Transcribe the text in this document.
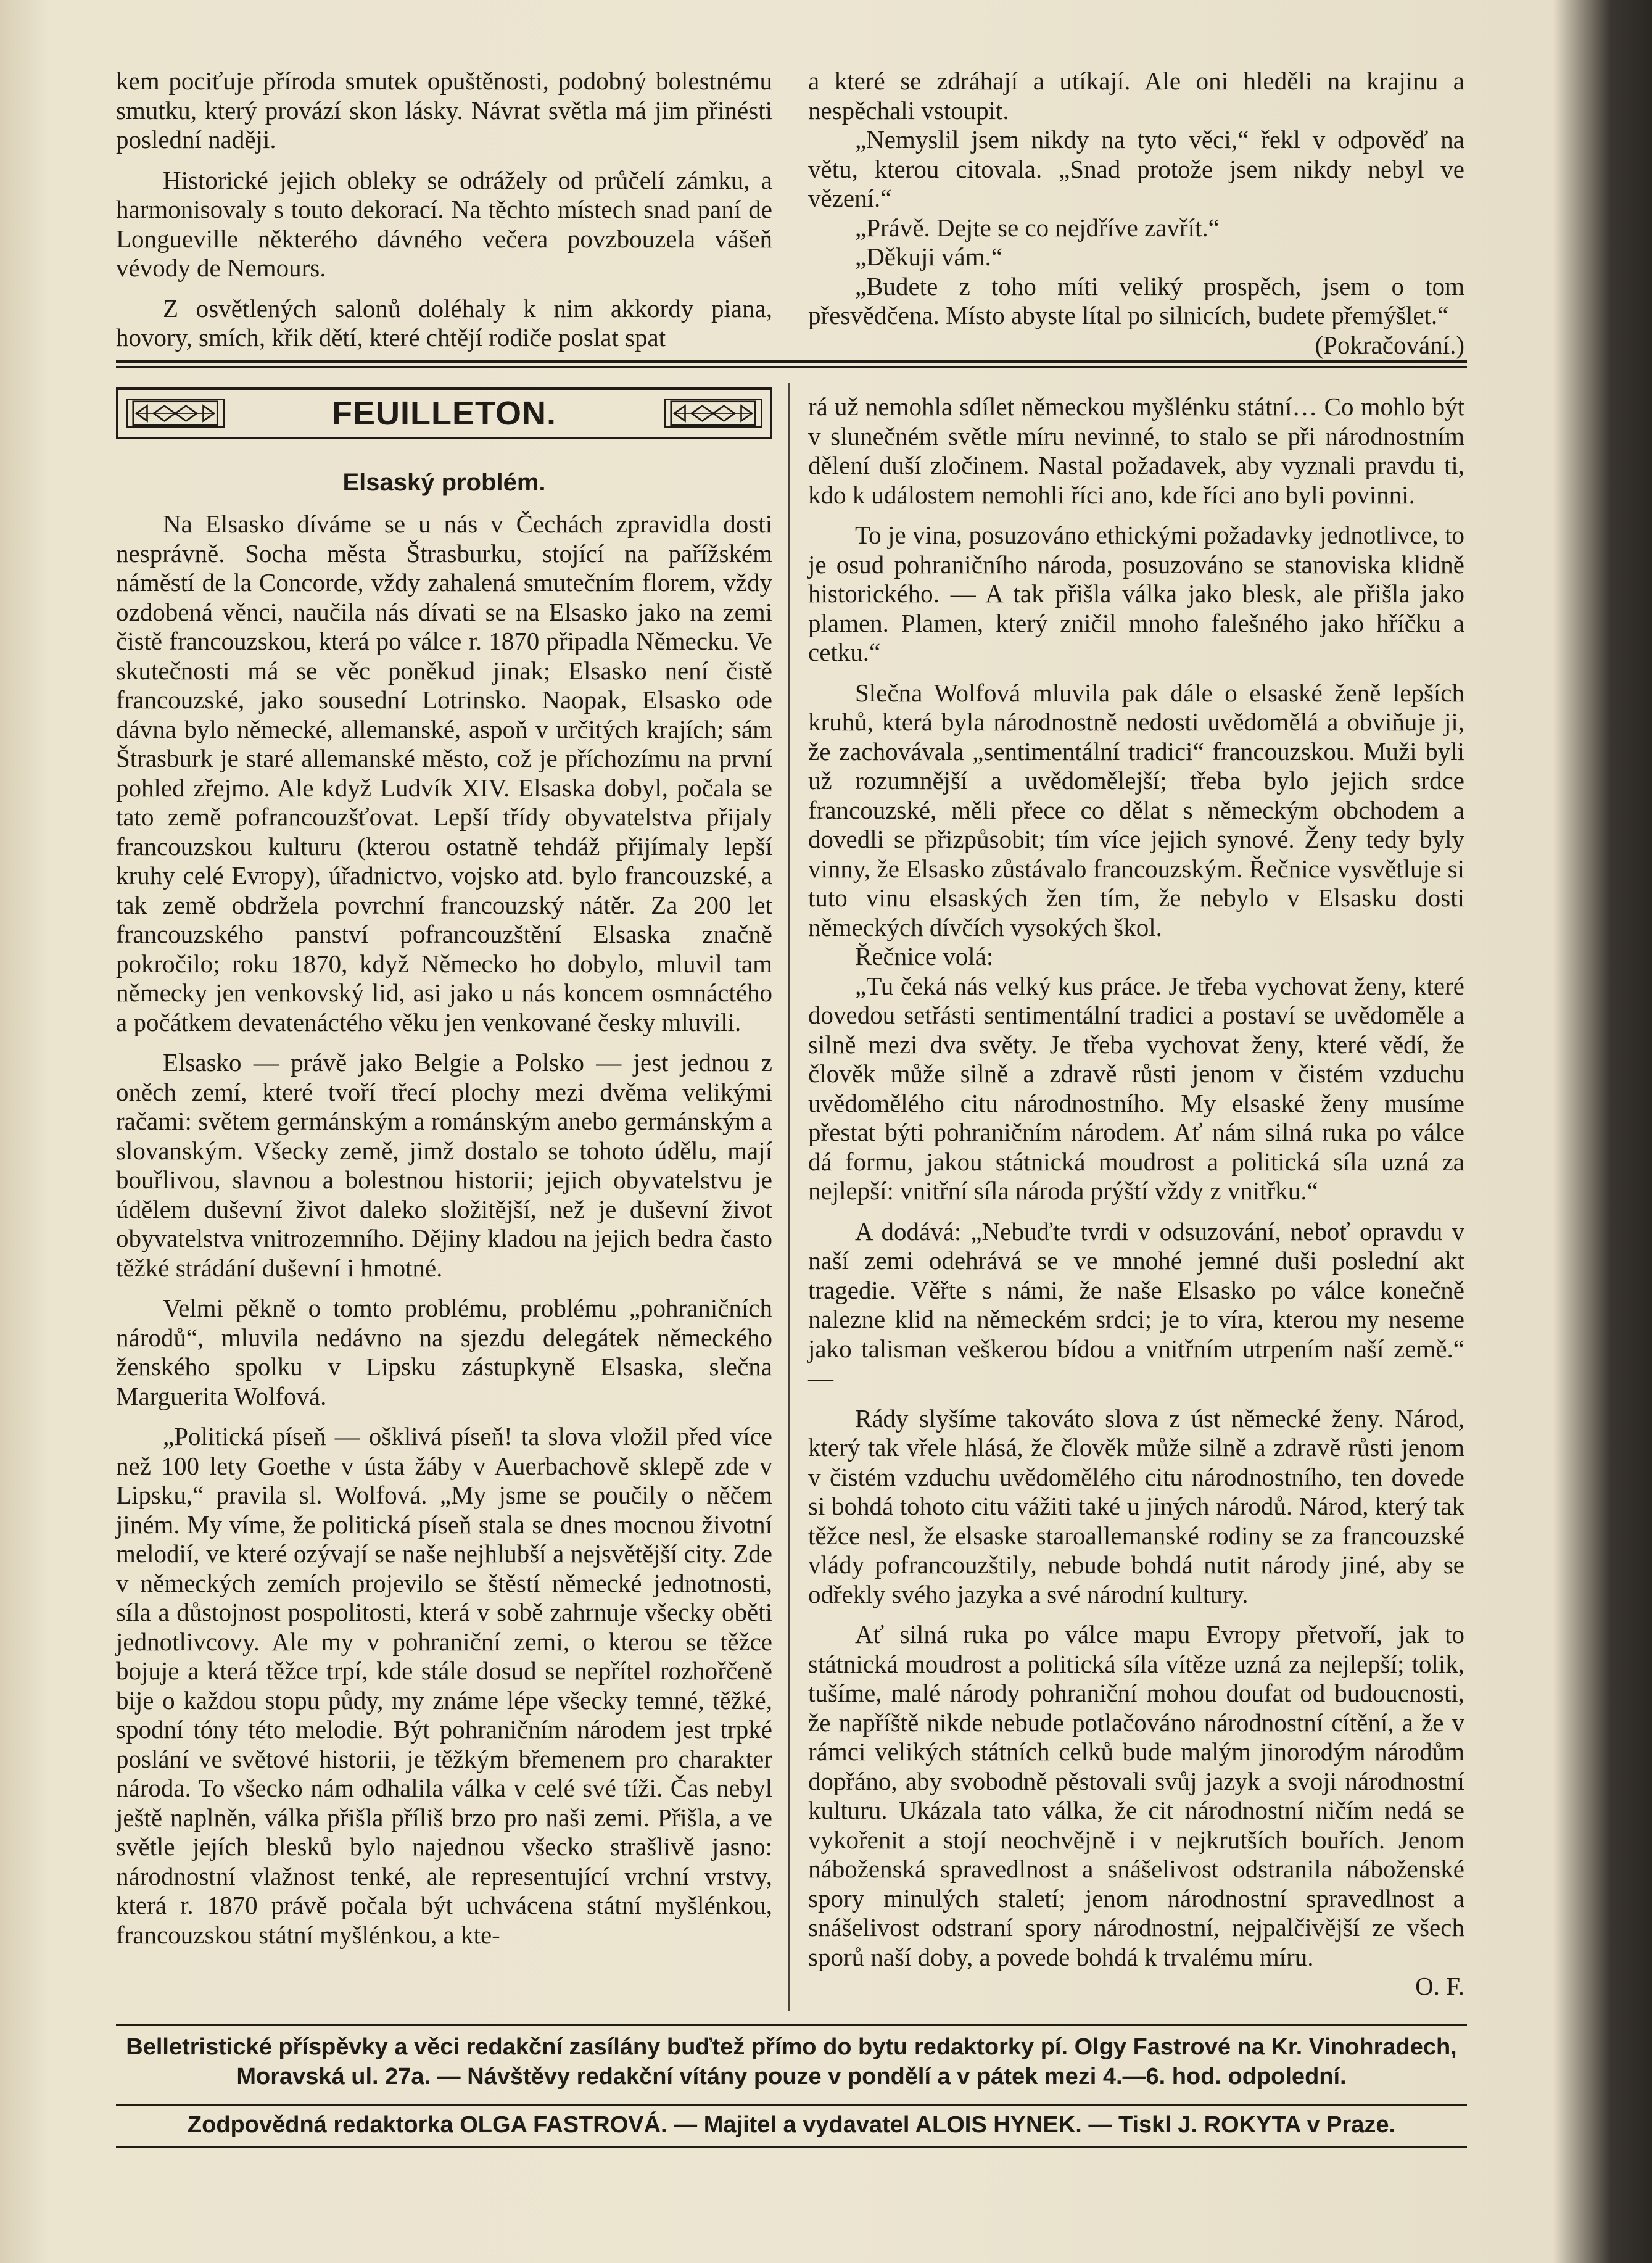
kem pociťuje příroda smutek opuštěnosti, podobný bolestnému smutku, který provází skon lásky. Návrat světla má jim přinésti poslední naději.

Historické jejich obleky se odrážely od průčelí zámku, a harmonisovaly s touto dekorací. Na těchto místech snad paní de Longueville některého dávného večera povzbouzela vášeň vévody de Nemours.

Z osvětlených salonů doléhaly k nim akkordy piana, hovory, smích, křik dětí, které chtějí rodiče poslat spat

a které se zdráhají a utíkají. Ale oni hleděli na krajinu a nespěchali vstoupit.

„Nemyslil jsem nikdy na tyto věci,“ řekl v odpověď na větu, kterou citovala. „Snad protože jsem nikdy nebyl ve vězení.“

„Právě. Dejte se co nejdříve zavřít.“

„Děkuji vám.“

„Budete z toho míti veliký prospěch, jsem o tom přesvědčena. Místo abyste lítal po silnicích, budete přemýšlet.“
(Pokračování.)

FEUILLETON.
Elsaský problém.

Na Elsasko díváme se u nás v Čechách zpravidla dosti nesprávně. Socha města Štrasburku, stojící na pařížském náměstí de la Concorde, vždy zahalená smutečním florem, vždy ozdobená věnci, naučila nás dívati se na Elsasko jako na zemi čistě francouzskou, která po válce r. 1870 připadla Německu. Ve skutečnosti má se věc poněkud jinak; Elsasko není čistě francouzské, jako sousední Lotrinsko. Naopak, Elsasko ode dávna bylo německé, allemanské, aspoň v určitých krajích; sám Štrasburk je staré allemanské město, což je příchozímu na první pohled zřejmo. Ale když Ludvík XIV. Elsaska dobyl, počala se tato země pofrancouzšťovat. Lepší třídy obyvatelstva přijaly francouzskou kulturu (kterou ostatně tehdáž přijímaly lepší kruhy celé Evropy), úřadnictvo, vojsko atd. bylo francouzské, a tak země obdržela povrchní francouzský nátěr. Za 200 let francouzského panství pofrancouzštění Elsaska značně pokročilo; roku 1870, když Německo ho dobylo, mluvil tam německy jen venkovský lid, asi jako u nás koncem osmnáctého a počátkem devatenáctého věku jen venkované česky mluvili.

Elsasko — právě jako Belgie a Polsko — jest jednou z oněch zemí, které tvoří třecí plochy mezi dvěma velikými račami: světem germánským a románským anebo germánským a slovanským. Všecky země, jimž dostalo se tohoto údělu, mají bouřlivou, slavnou a bolestnou historii; jejich obyvatelstvu je údělem duševní život daleko složitější, než je duševní život obyvatelstva vnitrozemního. Dějiny kladou na jejich bedra často těžké strádání duševní i hmotné.

Velmi pěkně o tomto problému, problému „pohraničních národů“, mluvila nedávno na sjezdu delegátek německého ženského spolku v Lipsku zástupkyně Elsaska, slečna Marguerita Wolfová.

„Politická píseň — ošklivá píseň! ta slova vložil před více než 100 lety Goethe v ústa žáby v Auerbachově sklepě zde v Lipsku,“ pravila sl. Wolfová. „My jsme se poučily o něčem jiném. My víme, že politická píseň stala se dnes mocnou životní melodií, ve které ozývají se naše nejhlubší a nejsvětější city. Zde v německých zemích projevilo se štěstí německé jednotnosti, síla a důstojnost pospolitosti, která v sobě zahrnuje všecky oběti jednotlivcovy. Ale my v pohraniční zemi, o kterou se těžce bojuje a která těžce trpí, kde stále dosud se nepřítel rozhořčeně bije o každou stopu půdy, my známe lépe všecky temné, těžké, spodní tóny této melodie. Být pohraničním národem jest trpké poslání ve světové historii, je těžkým břemenem pro charakter národa. To všecko nám odhalila válka v celé své tíži. Čas nebyl ještě naplněn, válka přišla příliš brzo pro naši zemi. Přišla, a ve světle jejích blesků bylo najednou všecko strašlivě jasno: národnostní vlažnost tenké, ale representující vrchní vrstvy, která r. 1870 právě počala být uchvácena státní myšlénkou, francouzskou státní myšlénkou, a kte-

rá už nemohla sdílet německou myšlénku státní… Co mohlo být v slunečném světle míru nevinné, to stalo se při národnostním dělení duší zločinem. Nastal požadavek, aby vyznali pravdu ti, kdo k událostem nemohli říci ano, kde říci ano byli povinni.

To je vina, posuzováno ethickými požadavky jednotlivce, to je osud pohraničního národa, posuzováno se stanoviska klidně historického. — A tak přišla válka jako blesk, ale přišla jako plamen. Plamen, který zničil mnoho falešného jako hříčku a cetku.“

Slečna Wolfová mluvila pak dále o elsaské ženě lepších kruhů, která byla národnostně nedosti uvědomělá a obviňuje ji, že zachovávala „sentimentální tradici“ francouzskou. Muži byli už rozumnější a uvědomělejší; třeba bylo jejich srdce francouzské, měli přece co dělat s německým obchodem a dovedli se přizpůsobit; tím více jejich synové. Ženy tedy byly vinny, že Elsasko zůstávalo francouzským. Řečnice vysvětluje si tuto vinu elsaských žen tím, že nebylo v Elsasku dosti německých dívčích vysokých škol.

Řečnice volá:

„Tu čeká nás velký kus práce. Je třeba vychovat ženy, které dovedou setřásti sentimentální tradici a postaví se uvědoměle a silně mezi dva světy. Je třeba vychovat ženy, které vědí, že člověk může silně a zdravě růsti jenom v čistém vzduchu uvědomělého citu národnostního. My elsaské ženy musíme přestat býti pohraničním národem. Ať nám silná ruka po válce dá formu, jakou státnická moudrost a politická síla uzná za nejlepší: vnitřní síla národa prýští vždy z vnitřku.“

A dodává: „Nebuďte tvrdi v odsuzování, neboť opravdu v naší zemi odehrává se ve mnohé jemné duši poslední akt tragedie. Věřte s námi, že naše Elsasko po válce konečně nalezne klid na německém srdci; je to víra, kterou my neseme jako talisman veškerou bídou a vnitřním utrpením naší země.“ —

Rády slyšíme takováto slova z úst německé ženy. Národ, který tak vřele hlásá, že člověk může silně a zdravě růsti jenom v čistém vzduchu uvědomělého citu národnostního, ten dovede si bohdá tohoto citu vážiti také u jiných národů. Národ, který tak těžce nesl, že elsaske staroallemanské rodiny se za francouzské vlády pofrancouzštily, nebude bohdá nutit národy jiné, aby se odřekly svého jazyka a své národní kultury.

Ať silná ruka po válce mapu Evropy přetvoří, jak to státnická moudrost a politická síla vítěze uzná za nejlepší; tolik, tušíme, malé národy pohraniční mohou doufat od budoucnosti, že napříště nikde nebude potlačováno národnostní cítění, a že v rámci velikých státních celků bude malým jinorodým národům dopřáno, aby svobodně pěstovali svůj jazyk a svoji národnostní kulturu. Ukázala tato válka, že cit národnostní ničím nedá se vykořenit a stojí neochvějně i v nejkrutších bouřích. Jenom náboženská spravedlnost a snášelivost odstranila náboženské spory minulých staletí; jenom národnostní spravedlnost a snášelivost odstraní spory národnostní, nejpalčivější ze všech sporů naší doby, a povede bohdá k trvalému míru.

O. F.

Belletristické příspěvky a věci redakční zasílány buďtež přímo do bytu redaktorky pí. Olgy Fastrové na Kr. Vinohradech,
Moravská ul. 27a. — Návštěvy redakční vítány pouze v pondělí a v pátek mezi 4.—6. hod. odpolední.
Zodpovědná redaktorka OLGA FASTROVÁ. — Majitel a vydavatel ALOIS HYNEK. — Tiskl J. ROKYTA v Praze.
